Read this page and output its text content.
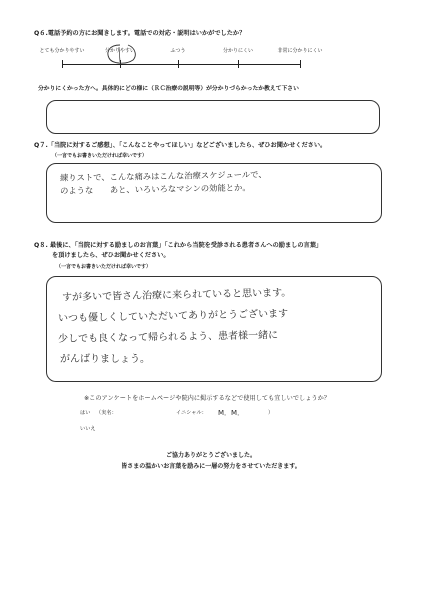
Q６.電話予約の方にお聞きします。電話での対応・説明はいかがでしたか？
とても分かりやすい	分かりやすい	ふつう	分かりにくい	非常に分かりにくい
分かりにくかった方へ。具体的にどの様に（ＲＣ治療の説明等）が分かりづらかったか教えて下さい
Q７.「当院に対するご感想」、「こんなことやってほしい」などございましたら、ぜひお聞かせください。
（一言でもお書きいただければ幸いです）
練りストで、こんな痛みはこんな治療スケジュールで、
のような　　あと、いろいろなマシンの効能とか。
Q８. 最後に、「当院に対する励ましのお言葉」「これから当院を受診される患者さんへの励ましの言葉」
を頂けましたら、ぜひお聞かせください。
（一言でもお書きいただければ幸いです）
すが多いで皆さん治療に来られていると思います。
いつも優しくしていただいてありがとうございます
少しでも良くなって帰られるよう、患者様一緒に
がんばりましょう。
※このアンケートをホームページや院内に掲示するなどで使用しても宜しいでしょうか？
はい （実名：	イニシャル： M．M．	）
いいえ
ご協力ありがとうございました。
皆さまの温かいお言葉を励みに一層の努力をさせていただきます。
